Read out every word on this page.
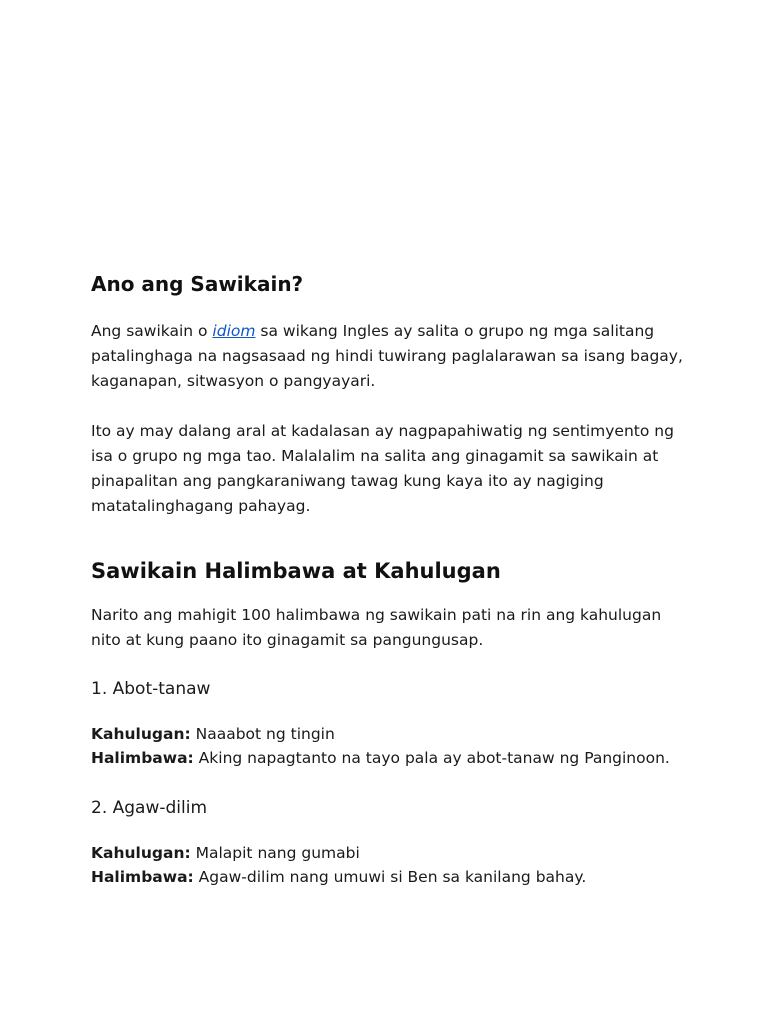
Ano ang Sawikain?

Ang sawikain o idiom sa wikang Ingles ay salita o grupo ng mga salitang patalinghaga na nagsasaad ng hindi tuwirang paglalarawan sa isang bagay, kaganapan, sitwasyon o pangyayari.

Ito ay may dalang aral at kadalasan ay nagpapahiwatig ng sentimyento ng isa o grupo ng mga tao. Malalalim na salita ang ginagamit sa sawikain at pinapalitan ang pangkaraniwang tawag kung kaya ito ay nagiging matatalinghagang pahayag.

Sawikain Halimbawa at Kahulugan

Narito ang mahigit 100 halimbawa ng sawikain pati na rin ang kahulugan nito at kung paano ito ginagamit sa pangungusap.

1. Abot-tanaw
Kahulugan: Naaabot ng tingin
Halimbawa: Aking napagtanto na tayo pala ay abot-tanaw ng Panginoon.
2. Agaw-dilim
Kahulugan: Malapit nang gumabi
Halimbawa: Agaw-dilim nang umuwi si Ben sa kanilang bahay.
